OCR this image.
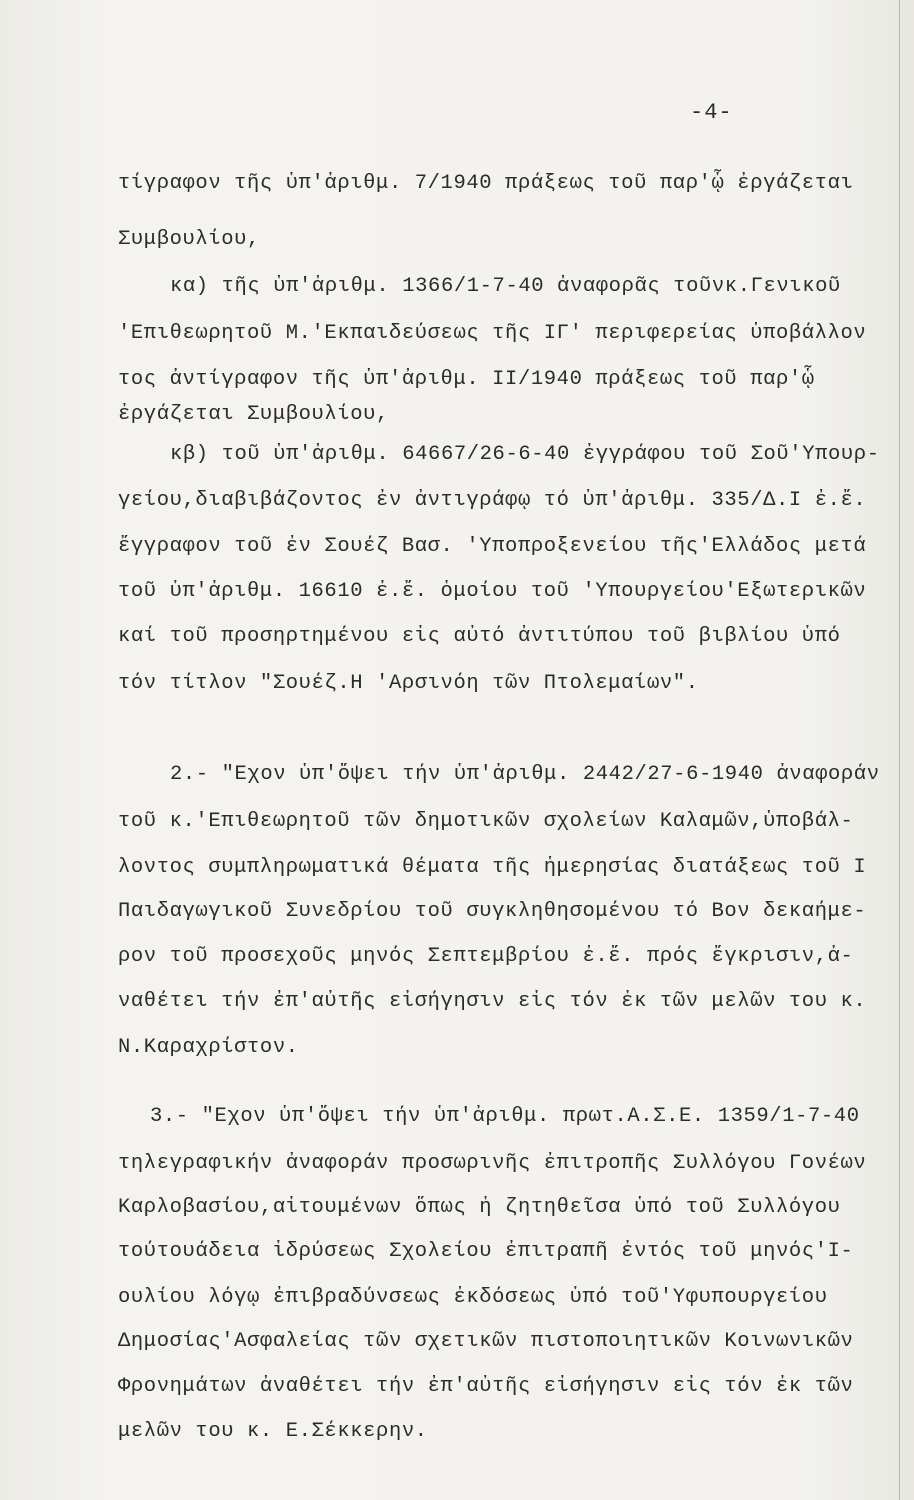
-4-
τίγραφον τῆς ὑπ'ἀριθμ. 7/1940 πράξεως τοῦ παρ'ᾧ ἐργάζεται
Συμβουλίου,
κα) τῆς ὑπ'ἀριθμ. 1366/1-7-40 ἀναφορᾶς τοῦνκ.Γενικοῦ
'Επιθεωρητοῦ Μ.'Εκπαιδεύσεως τῆς ΙΓ' περιφερείας ὑποβάλλον
τος ἀντίγραφον τῆς ὑπ'ἀριθμ. ΙΙ/1940 πράξεως τοῦ παρ'ᾧ
ἐργάζεται Συμβουλίου,
κβ) τοῦ ὑπ'ἀριθμ. 64667/26-6-40 ἐγγράφου τοῦ Σοῦ'Υπουρ-
γείου,διαβιβάζοντος ἐν ἀντιγράφῳ τό ὑπ'ἀριθμ. 335/Δ.Ι ἐ.ἔ.
ἔγγραφον τοῦ ἐν Σουέζ Βασ. 'Υποπροξενείου τῆς'Ελλάδος μετά
τοῦ ὑπ'ἀριθμ. 16610 ἐ.ἔ. ὁμοίου τοῦ 'Υπουργείου'Εξωτερικῶν
καί τοῦ προσηρτημένου εἰς αὐτό ἀντιτύπου τοῦ βιβλίου ὑπό
τόν τίτλον "Σουέζ.Η 'Αρσινόη τῶν Πτολεμαίων".
2.- "Εχον ὑπ'ὄψει τήν ὑπ'ἀριθμ. 2442/27-6-1940 ἀναφοράν
τοῦ κ.'Επιθεωρητοῦ τῶν δημοτικῶν σχολείων Καλαμῶν,ὑποβάλ-
λοντος συμπληρωματικά θέματα τῆς ἡμερησίας διατάξεως τοῦ Ι
Παιδαγωγικοῦ Συνεδρίου τοῦ συγκληθησομένου τό Βον δεκαήμε-
ρον τοῦ προσεχοῦς μηνός Σεπτεμβρίου ἐ.ἔ. πρός ἔγκρισιν,ἀ-
ναθέτει τήν ἐπ'αὐτῆς εἰσήγησιν εἰς τόν ἐκ τῶν μελῶν του κ.
Ν.Καραχρίστον.
3.- "Εχον ὑπ'ὄψει τήν ὑπ'ἀριθμ. πρωτ.Α.Σ.Ε. 1359/1-7-40
τηλεγραφικήν ἀναφοράν προσωρινῆς ἐπιτροπῆς Συλλόγου Γονέων
Καρλοβασίου,αἰτουμένων ὅπως ἡ ζητηθεῖσα ὑπό τοῦ Συλλόγου
τούτουάδεια ἱδρύσεως Σχολείου ἐπιτραπῆ ἐντός τοῦ μηνός'Ι-
ουλίου λόγῳ ἐπιβραδύνσεως ἐκδόσεως ὑπό τοῦ'Υφυπουργείου
Δημοσίας'Ασφαλείας τῶν σχετικῶν πιστοποιητικῶν Κοινωνικῶν
Φρονημάτων ἀναθέτει τήν ἐπ'αὐτῆς εἰσήγησιν εἰς τόν ἐκ τῶν
μελῶν του κ. Ε.Σέκκερην.
